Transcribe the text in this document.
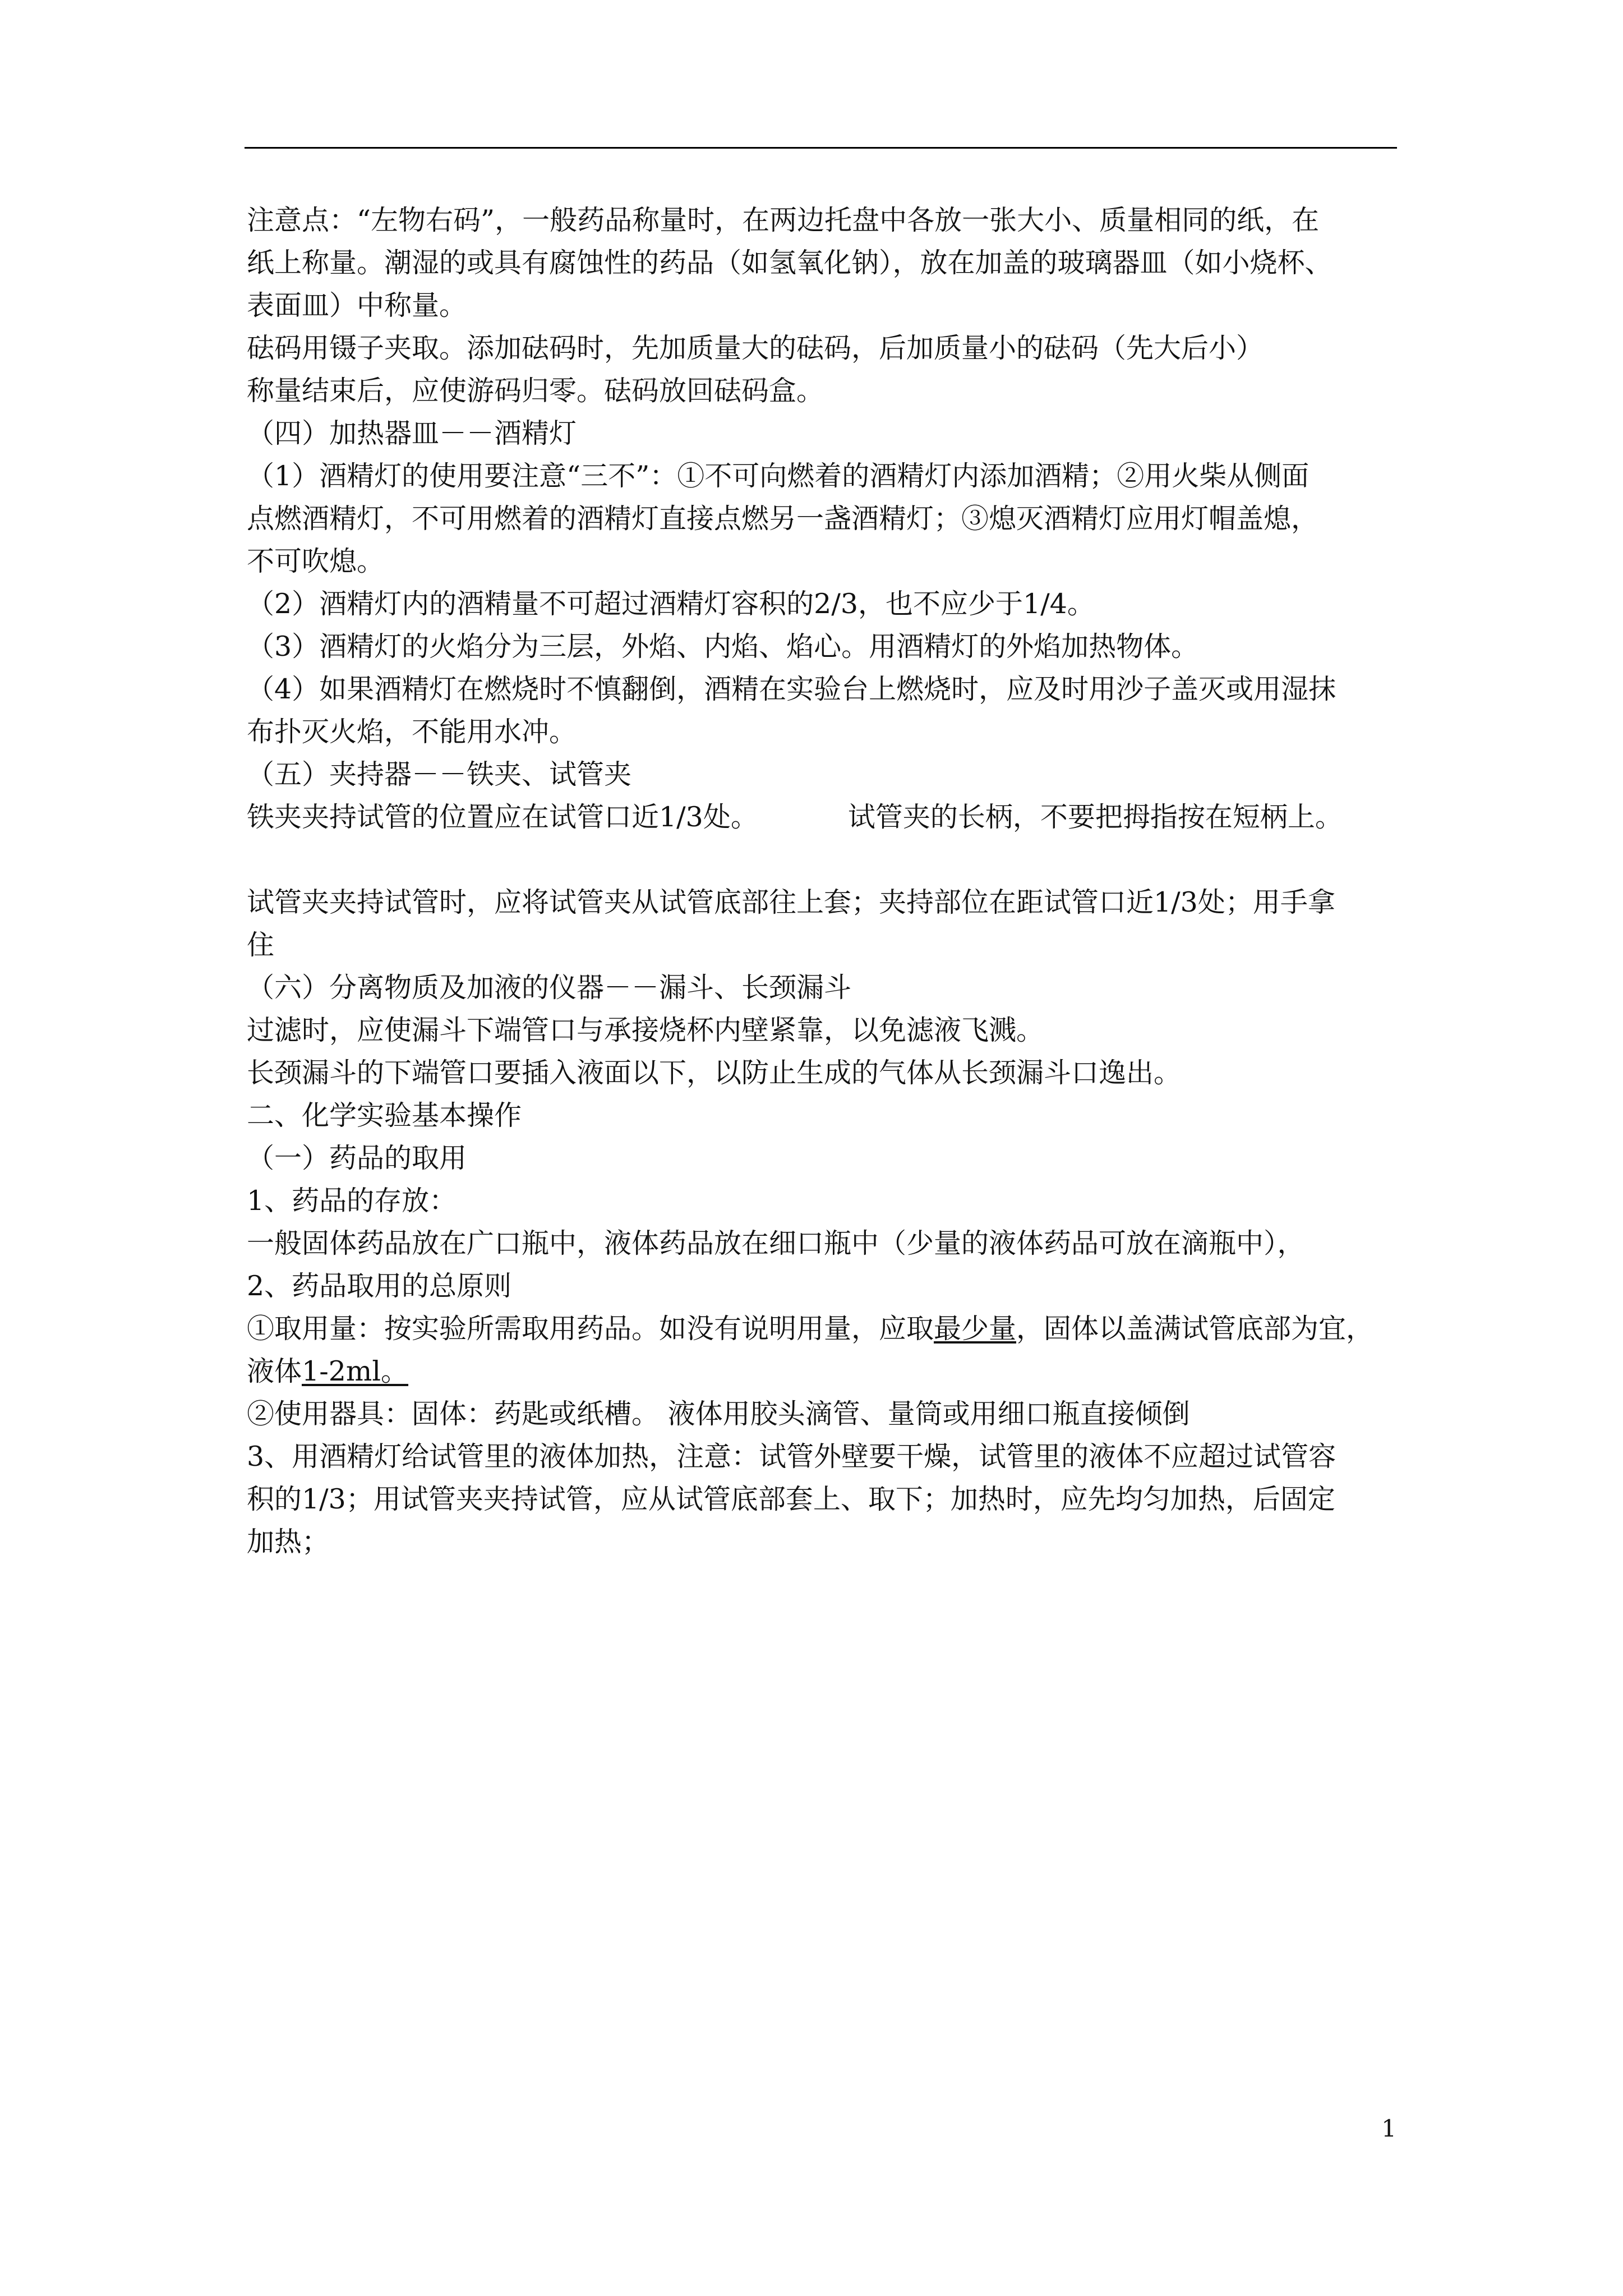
注意点：“左物右码”，一般药品称量时，在两边托盘中各放一张大小、质量相同的纸，在

纸上称量。潮湿的或具有腐蚀性的药品（如氢氧化钠），放在加盖的玻璃器皿（如小烧杯、

表面皿）中称量。

砝码用镊子夹取。添加砝码时，先加质量大的砝码，后加质量小的砝码（先大后小）

称量结束后，应使游码归零。砝码放回砝码盒。

（四）加热器皿－－酒精灯

（1）酒精灯的使用要注意“三不”：①不可向燃着的酒精灯内添加酒精；②用火柴从侧面

点燃酒精灯，不可用燃着的酒精灯直接点燃另一盏酒精灯；③熄灭酒精灯应用灯帽盖熄，

不可吹熄。

（2）酒精灯内的酒精量不可超过酒精灯容积的2/3，也不应少于1/4。

（3）酒精灯的火焰分为三层，外焰、内焰、焰心。用酒精灯的外焰加热物体。

（4）如果酒精灯在燃烧时不慎翻倒，酒精在实验台上燃烧时，应及时用沙子盖灭或用湿抹

布扑灭火焰，不能用水冲。

（五）夹持器－－铁夹、试管夹

铁夹夹持试管的位置应在试管口近1/3处。	试管夹的长柄，不要把拇指按在短柄上。

试管夹夹持试管时，应将试管夹从试管底部往上套；夹持部位在距试管口近1/3处；用手拿

住

（六）分离物质及加液的仪器－－漏斗、长颈漏斗

过滤时，应使漏斗下端管口与承接烧杯内壁紧靠，以免滤液飞溅。

长颈漏斗的下端管口要插入液面以下，以防止生成的气体从长颈漏斗口逸出。

二、化学实验基本操作

（一）药品的取用

1、药品的存放：

一般固体药品放在广口瓶中，液体药品放在细口瓶中（少量的液体药品可放在滴瓶中），

2、药品取用的总原则

①取用量：按实验所需取用药品。如没有说明用量，应取最少量，固体以盖满试管底部为宜，

液体1-2ml。

②使用器具：固体：药匙或纸槽。 液体用胶头滴管、量筒或用细口瓶直接倾倒

3、用酒精灯给试管里的液体加热，注意：试管外壁要干燥，试管里的液体不应超过试管容

积的1/3；用试管夹夹持试管，应从试管底部套上、取下；加热时，应先均匀加热，后固定

加热；

1
